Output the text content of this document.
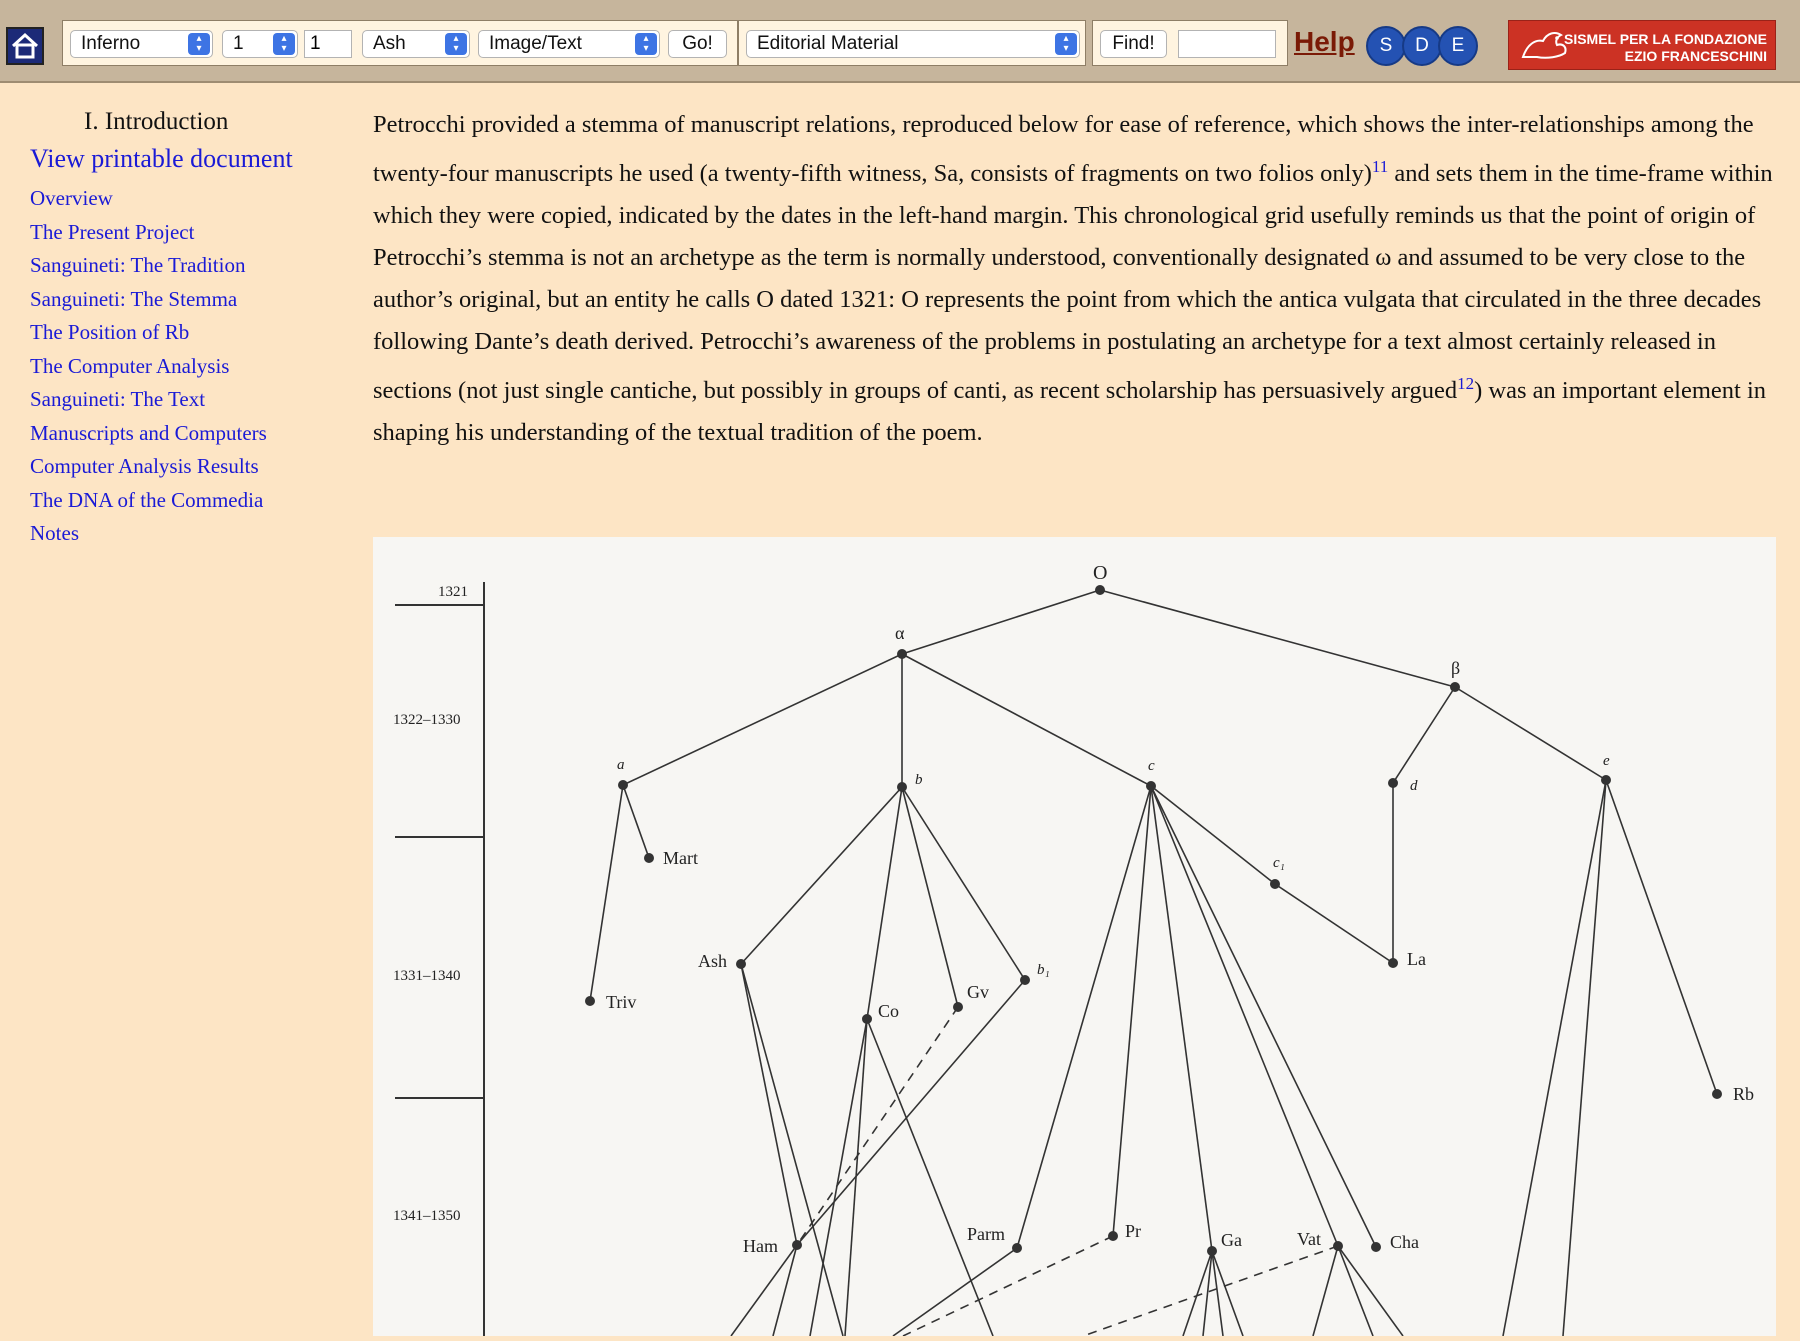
Inferno	▴
▾	1	▴
▾	1	Ash	▴
▾	Image/Text	▴
▾	Go!	Editorial Material	▴
▾	Find!	Help	S	D	E	SISMEL PER LA FONDAZIONE
EZIO FRANCESCHINI
I. Introduction
View printable document
Overview
The Present Project
Sanguineti: The Tradition
Sanguineti: The Stemma
The Position of Rb
The Computer Analysis
Sanguineti: The Text
Manuscripts and Computers
Computer Analysis Results
The DNA of the Commedia
Notes
Petrocchi provided a stemma of manuscript relations, reproduced below for ease of reference, which shows the inter-relationships among the twenty-four manuscripts he used (a twenty-fifth witness, Sa, consists of fragments on two folios only)$^{11}$ and sets them in the time-frame within which they were copied, indicated by the dates in the left-hand margin. This chronological grid usefully reminds us that the point of origin of Petrocchi’s stemma is not an archetype as the term is normally understood, conventionally designated ω and assumed to be very close to the author’s original, but an entity he calls O dated 1321: O represents the point from which the antica vulgata that circulated in the three decades following Dante’s death derived. Petrocchi’s awareness of the problems in postulating an archetype for a text almost certainly released in sections (not just single cantiche, but possibly in groups of canti, as recent scholarship has persuasively argued$^{12}$) was an important element in shaping his understanding of the textual tradition of the poem.
1321
1322–1330
1331–1340
1341–1350
O
α
β
a
b
c
d
e
c₁
b₁
Mart
Triv
Ash
Co
Gv
La
Rb
Ham
Parm	Pr	Ga	Vat	Cha
